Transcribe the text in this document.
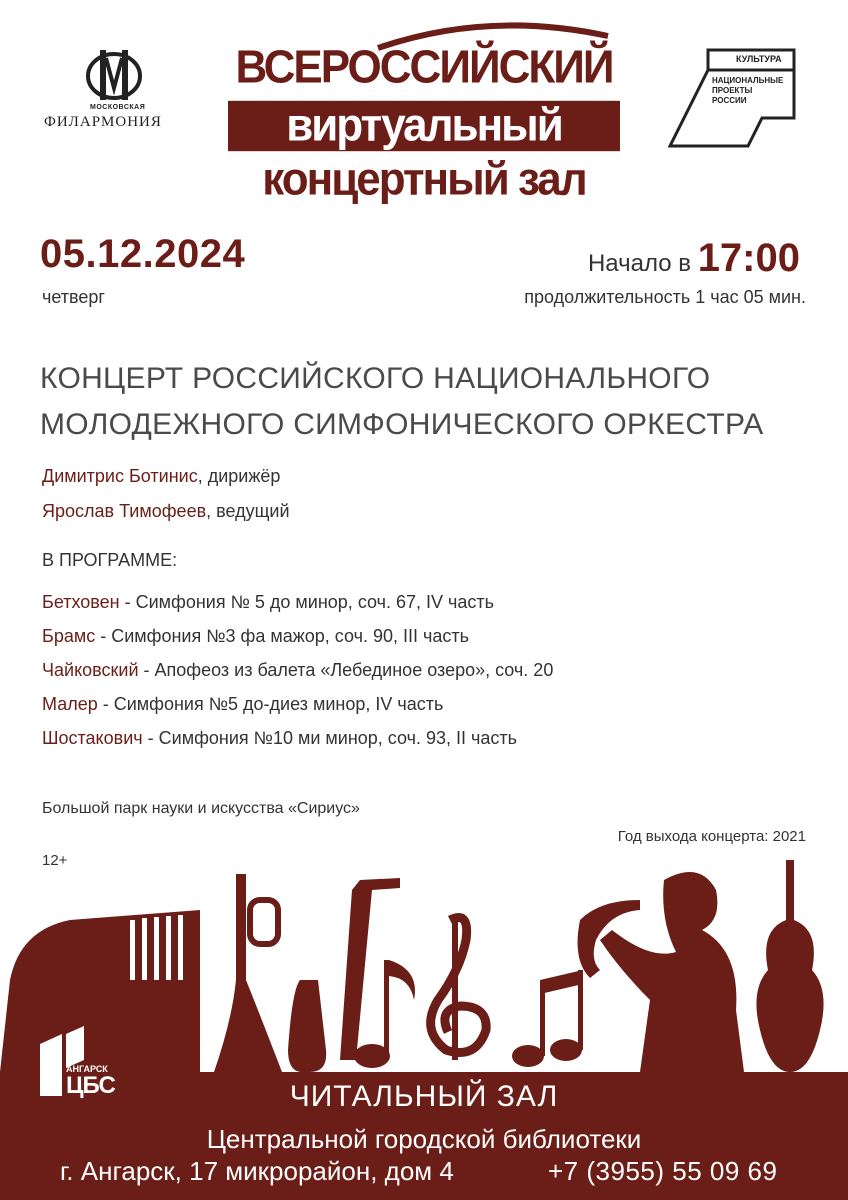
МОСКОВСКАЯ
ФИЛАРМОНИЯ
ВСЕРОССИЙСКИЙ
виртуальный
концертный зал
КУЛЬТУРА
НАЦИОНАЛЬНЫЕ ПРОЕКТЫ РОССИИ
05.12.2024
четверг
Начало в 17:00
продолжительность 1 час 05 мин.
КОНЦЕРТ РОССИЙСКОГО НАЦИОНАЛЬНОГО МОЛОДЕЖНОГО СИМФОНИЧЕСКОГО ОРКЕСТРА
Димитрис Ботинис, дирижёр
Ярослав Тимофеев, ведущий
В ПРОГРАММЕ:
Бетховен - Симфония № 5 до минор, соч. 67, IV часть
Брамс - Симфония №3 фа мажор, соч. 90, III часть
Чайковский - Апофеоз из балета «Лебединое озеро», соч. 20
Малер - Симфония №5 до-диез минор, IV часть
Шостакович - Симфония №10 ми минор, соч. 93, II часть
Большой парк науки и искусства «Сириус»
Год выхода концерта: 2021
12+
АНГАРСК
ЦБС	ЧИТАЛЬНЫЙ ЗАЛ
Центральной городской библиотеки
г. Ангарск, 17 микрорайон, дом 4	+7 (3955) 55 09 69
